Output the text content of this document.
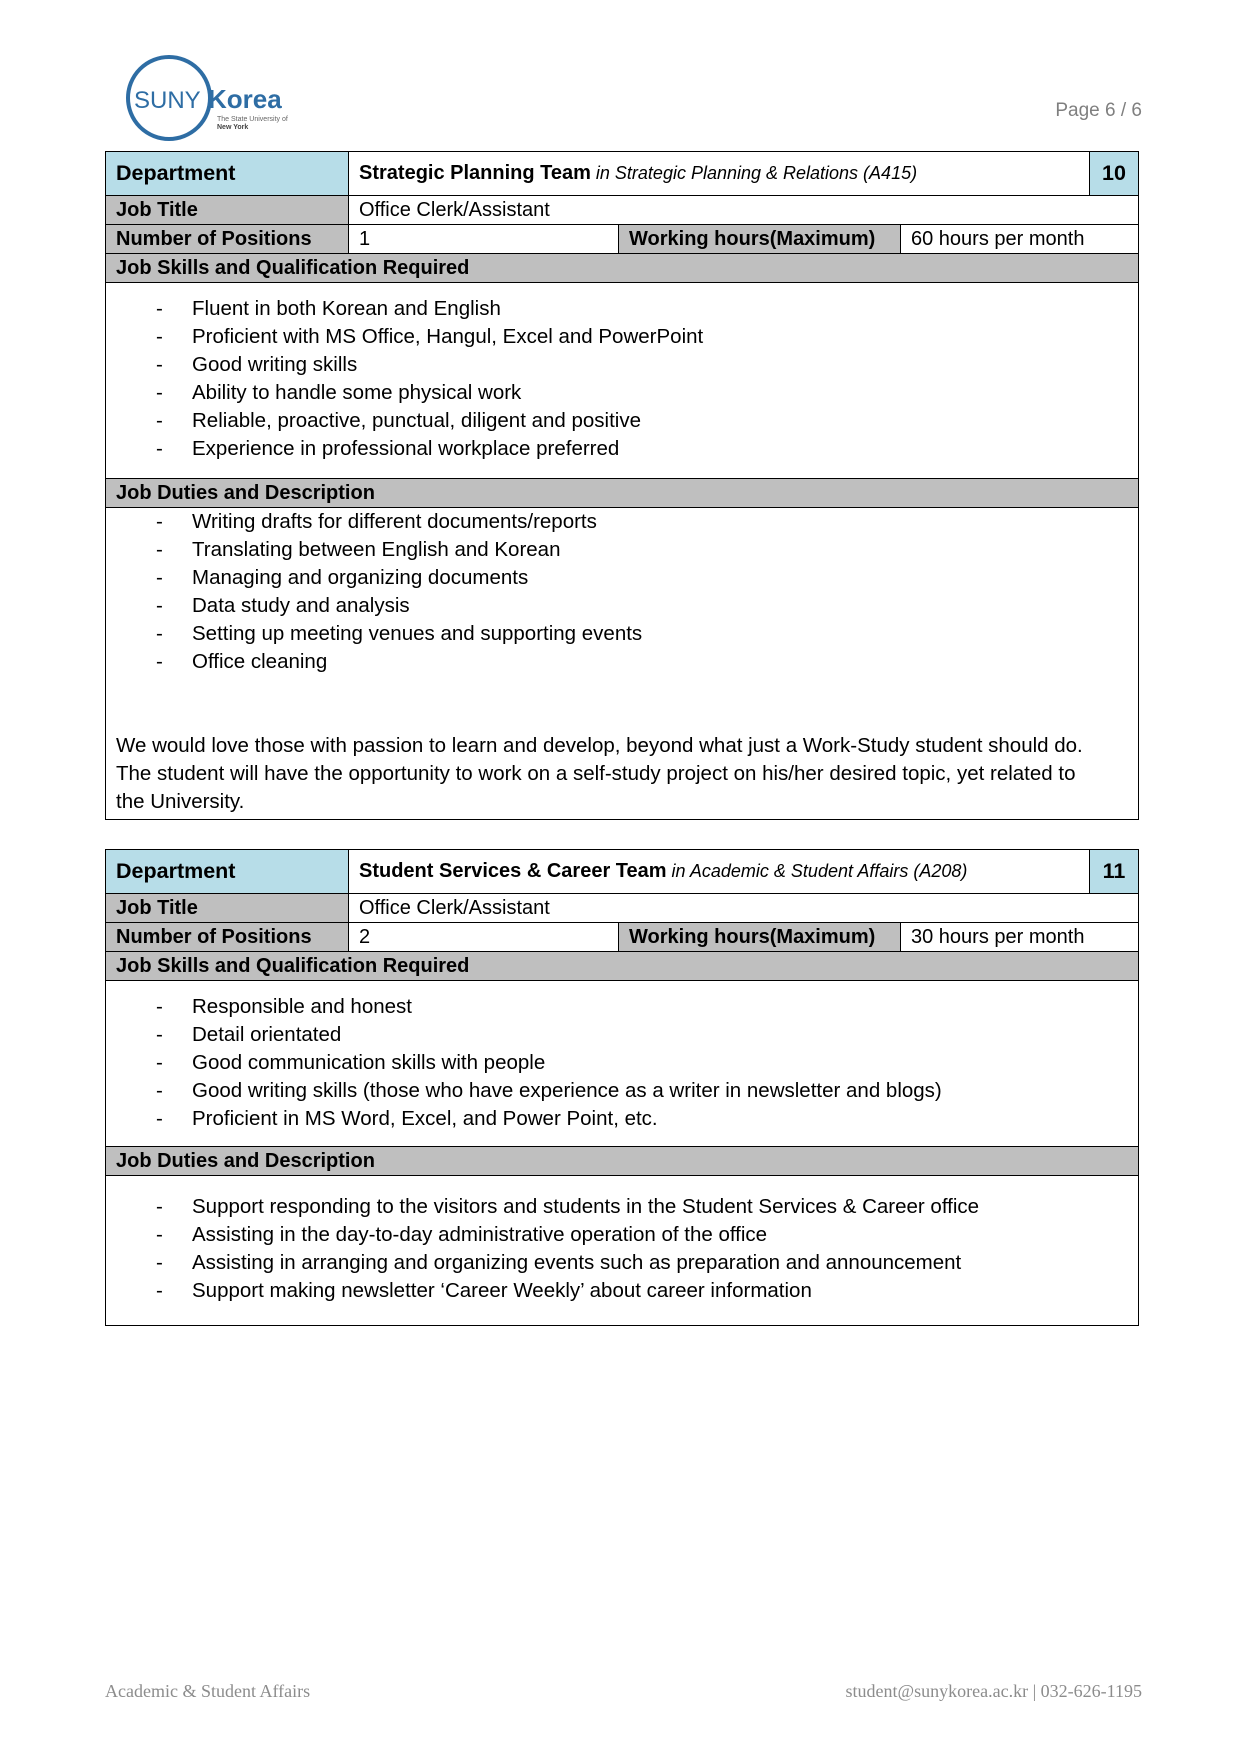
SUNY Korea
The State University of
New York
Page 6 / 6
Department	Strategic Planning Team in Strategic Planning & Relations (A415)	10
Job Title	Office Clerk/Assistant
Number of Positions	1	Working hours(Maximum)	60 hours per month
Job Skills and Qualification Required
- Fluent in both Korean and English
- Proficient with MS Office, Hangul, Excel and PowerPoint
- Good writing skills
- Ability to handle some physical work
- Reliable, proactive, punctual, diligent and positive
- Experience in professional workplace preferred
Job Duties and Description
- Writing drafts for different documents/reports
- Translating between English and Korean
- Managing and organizing documents
- Data study and analysis
- Setting up meeting venues and supporting events
- Office cleaning
We would love those with passion to learn and develop, beyond what just a Work-Study student should do.
The student will have the opportunity to work on a self-study project on his/her desired topic, yet related to
the University.
Department	Student Services & Career Team in Academic & Student Affairs (A208)	11
Job Title	Office Clerk/Assistant
Number of Positions	2	Working hours(Maximum)	30 hours per month
Job Skills and Qualification Required
- Responsible and honest
- Detail orientated
- Good communication skills with people
- Good writing skills (those who have experience as a writer in newsletter and blogs)
- Proficient in MS Word, Excel, and Power Point, etc.
Job Duties and Description
- Support responding to the visitors and students in the Student Services & Career office
- Assisting in the day-to-day administrative operation of the office
- Assisting in arranging and organizing events such as preparation and announcement
- Support making newsletter ‘Career Weekly’ about career information
Academic & Student Affairs	student@sunykorea.ac.kr | 032-626-1195
